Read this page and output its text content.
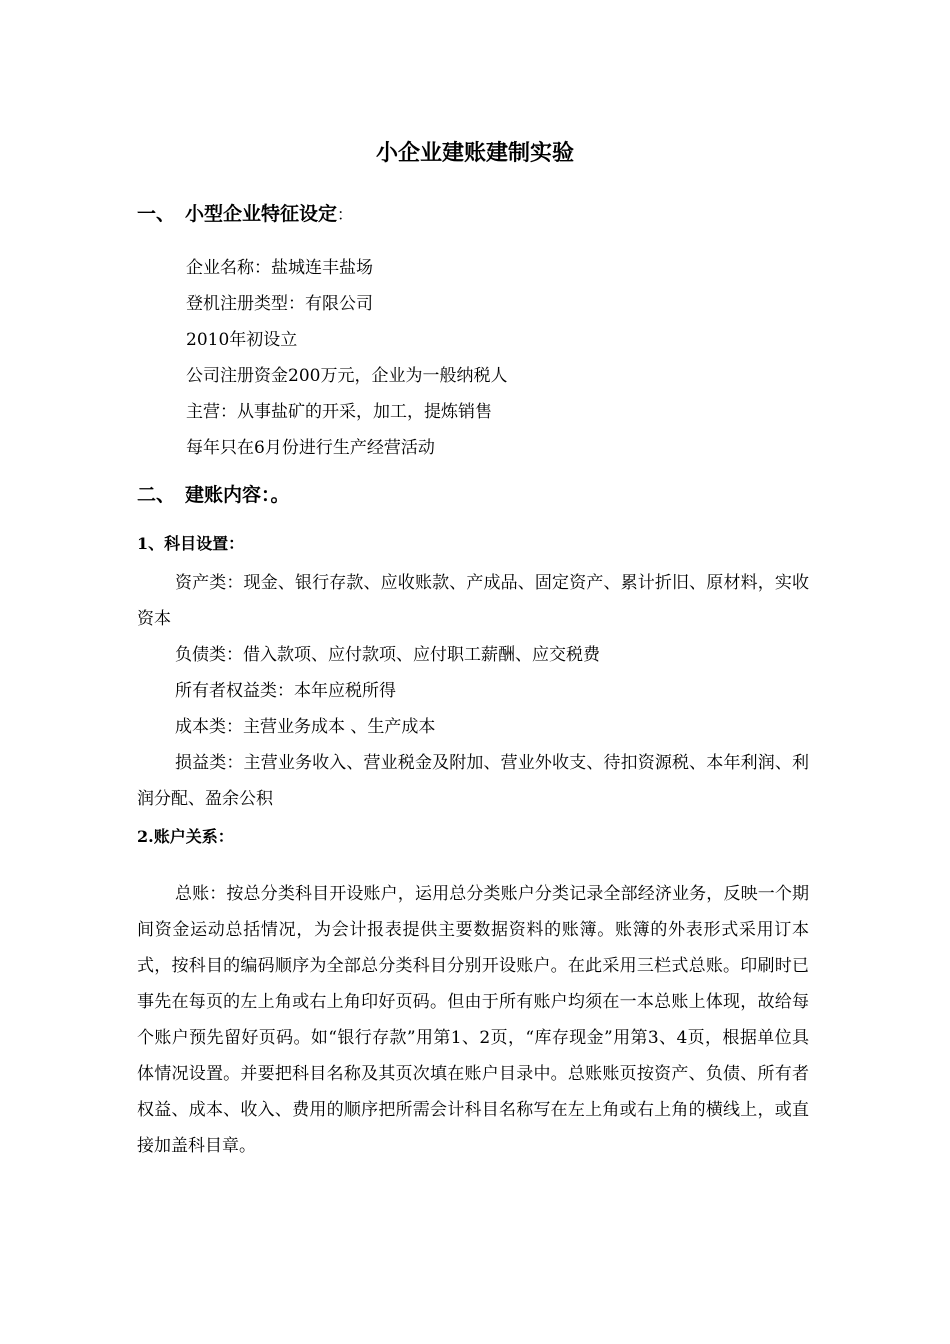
小企业建账建制实验
一、 小型企业特征设定：
企业名称：盐城连丰盐场
登机注册类型：有限公司
2010年初设立
公司注册资金200万元，企业为一般纳税人
主营：从事盐矿的开采，加工，提炼销售
每年只在6月份进行生产经营活动
二、 建账内容：。
1、科目设置：

资产类：现金、银行存款、应收账款、产成品、固定资产、累计折旧、原材料，实收资本

负债类：借入款项、应付款项、应付职工薪酬、应交税费

所有者权益类：本年应税所得

成本类：主营业务成本 、生产成本

损益类：主营业务收入、营业税金及附加、营业外收支、待扣资源税、本年利润、利润分配、盈余公积

2.账户关系：

总账：按总分类科目开设账户，运用总分类账户分类记录全部经济业务，反映一个期间资金运动总括情况，为会计报表提供主要数据资料的账簿。账簿的外表形式采用订本式，按科目的编码顺序为全部总分类科目分别开设账户。在此采用三栏式总账。印刷时已事先在每页的左上角或右上角印好页码。但由于所有账户均须在一本总账上体现，故给每个账户预先留好页码。如“银行存款”用第1、2页，“库存现金”用第3、4页，根据单位具体情况设置。并要把科目名称及其页次填在账户目录中。总账账页按资产、负债、所有者权益、成本、收入、费用的顺序把所需会计科目名称写在左上角或右上角的横线上，或直接加盖科目章。
